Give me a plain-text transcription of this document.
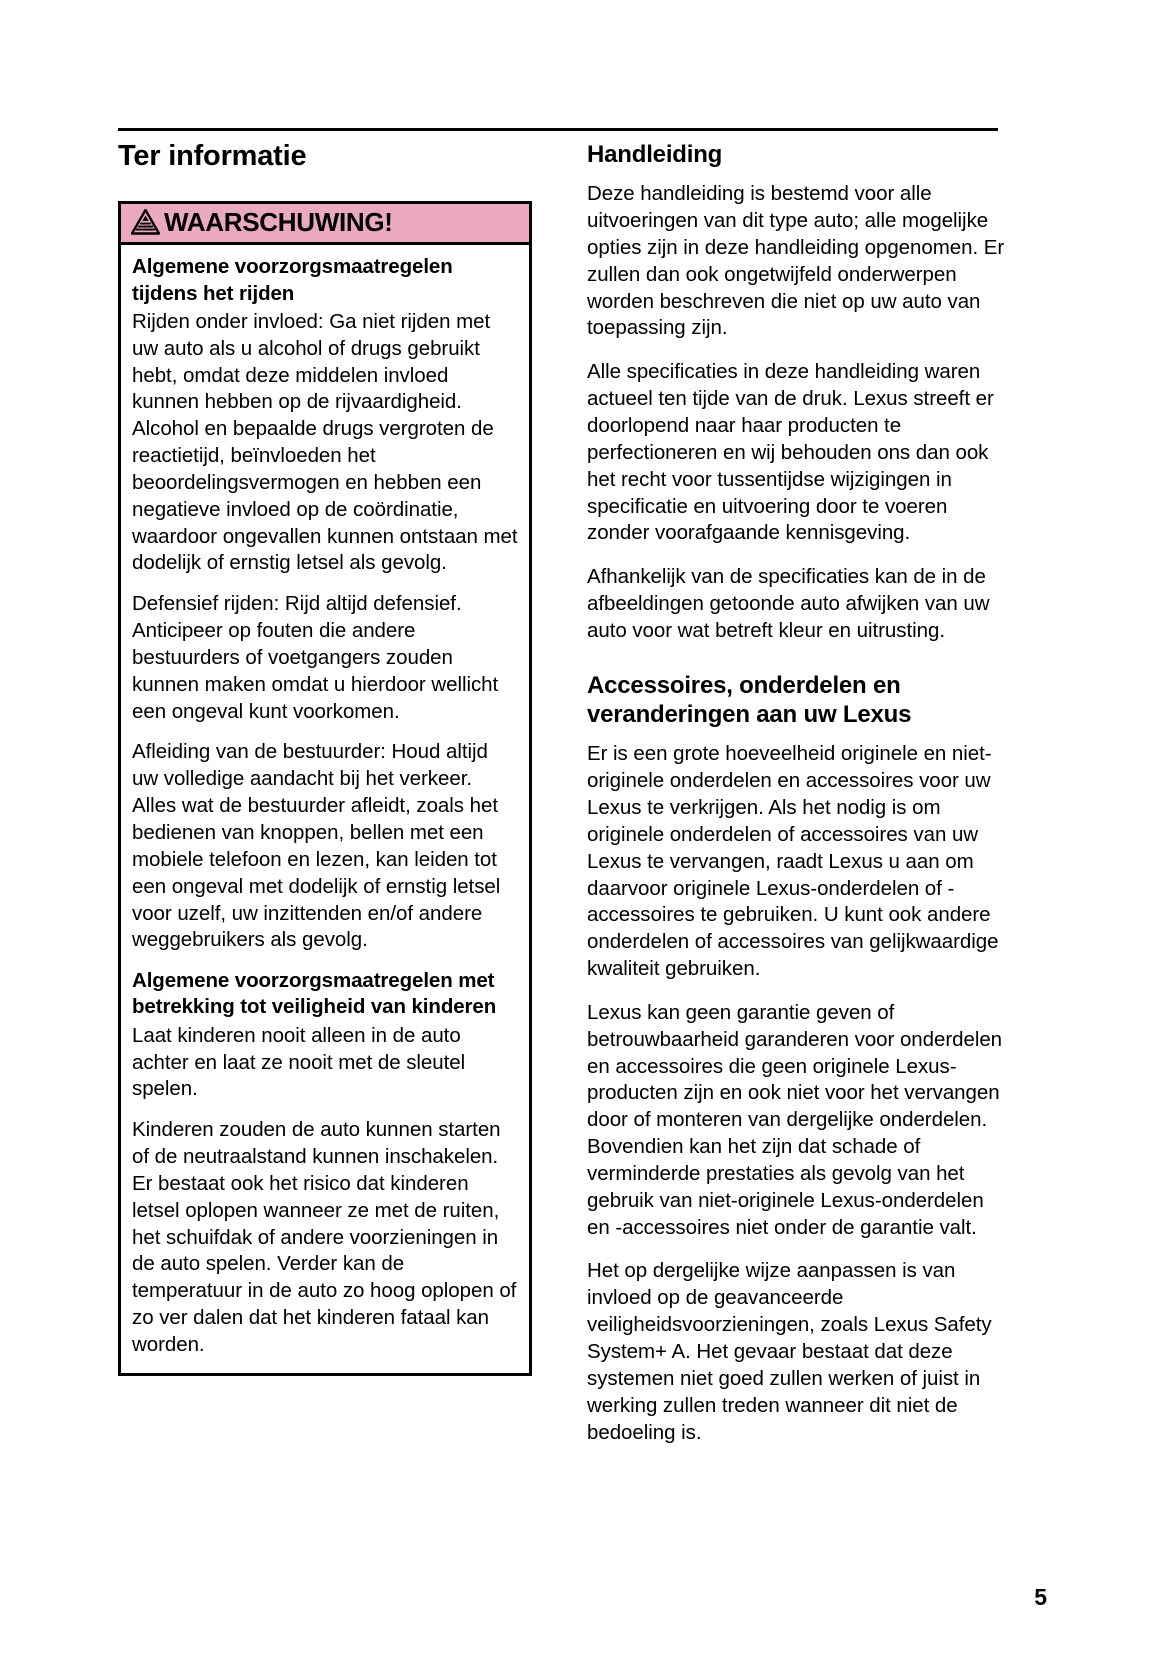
Ter informatie
WAARSCHUWING!
Algemene voorzorgsmaatregelen tijdens het rijden

Rijden onder invloed: Ga niet rijden met uw auto als u alcohol of drugs gebruikt hebt, omdat deze middelen invloed kunnen hebben op de rijvaardigheid. Alcohol en bepaalde drugs vergroten de reactietijd, beïnvloeden het beoordelingsvermogen en hebben een negatieve invloed op de coördinatie, waardoor ongevallen kunnen ontstaan met dodelijk of ernstig letsel als gevolg.

Defensief rijden: Rijd altijd defensief. Anticipeer op fouten die andere bestuurders of voetgangers zouden kunnen maken omdat u hierdoor wellicht een ongeval kunt voorkomen.

Afleiding van de bestuurder: Houd altijd uw volledige aandacht bij het verkeer. Alles wat de bestuurder afleidt, zoals het bedienen van knoppen, bellen met een mobiele telefoon en lezen, kan leiden tot een ongeval met dodelijk of ernstig letsel voor uzelf, uw inzittenden en/of andere weggebruikers als gevolg.

Algemene voorzorgsmaatregelen met betrekking tot veiligheid van kinderen

Laat kinderen nooit alleen in de auto achter en laat ze nooit met de sleutel spelen.

Kinderen zouden de auto kunnen starten of de neutraalstand kunnen inschakelen. Er bestaat ook het risico dat kinderen letsel oplopen wanneer ze met de ruiten, het schuifdak of andere voorzieningen in de auto spelen. Verder kan de temperatuur in de auto zo hoog oplopen of zo ver dalen dat het kinderen fataal kan worden.

Handleiding

Deze handleiding is bestemd voor alle uitvoeringen van dit type auto; alle mogelijke opties zijn in deze handleiding opgenomen. Er zullen dan ook ongetwijfeld onderwerpen worden beschreven die niet op uw auto van toepassing zijn.

Alle specificaties in deze handleiding waren actueel ten tijde van de druk. Lexus streeft er doorlopend naar haar producten te perfectioneren en wij behouden ons dan ook het recht voor tussentijdse wijzigingen in specificatie en uitvoering door te voeren zonder voorafgaande kennisgeving.

Afhankelijk van de specificaties kan de in de afbeeldingen getoonde auto afwijken van uw auto voor wat betreft kleur en uitrusting.

Accessoires, onderdelen en veranderingen aan uw Lexus

Er is een grote hoeveelheid originele en niet-originele onderdelen en accessoires voor uw Lexus te verkrijgen. Als het nodig is om originele onderdelen of accessoires van uw Lexus te vervangen, raadt Lexus u aan om daarvoor originele Lexus-onderdelen of -accessoires te gebruiken. U kunt ook andere onderdelen of accessoires van gelijkwaardige kwaliteit gebruiken.

Lexus kan geen garantie geven of betrouwbaarheid garanderen voor onderdelen en accessoires die geen originele Lexus-producten zijn en ook niet voor het vervangen door of monteren van dergelijke onderdelen. Bovendien kan het zijn dat schade of verminderde prestaties als gevolg van het gebruik van niet-originele Lexus-onderdelen en -accessoires niet onder de garantie valt.

Het op dergelijke wijze aanpassen is van invloed op de geavanceerde veiligheidsvoorzieningen, zoals Lexus Safety System+ A. Het gevaar bestaat dat deze systemen niet goed zullen werken of juist in werking zullen treden wanneer dit niet de bedoeling is.

5
